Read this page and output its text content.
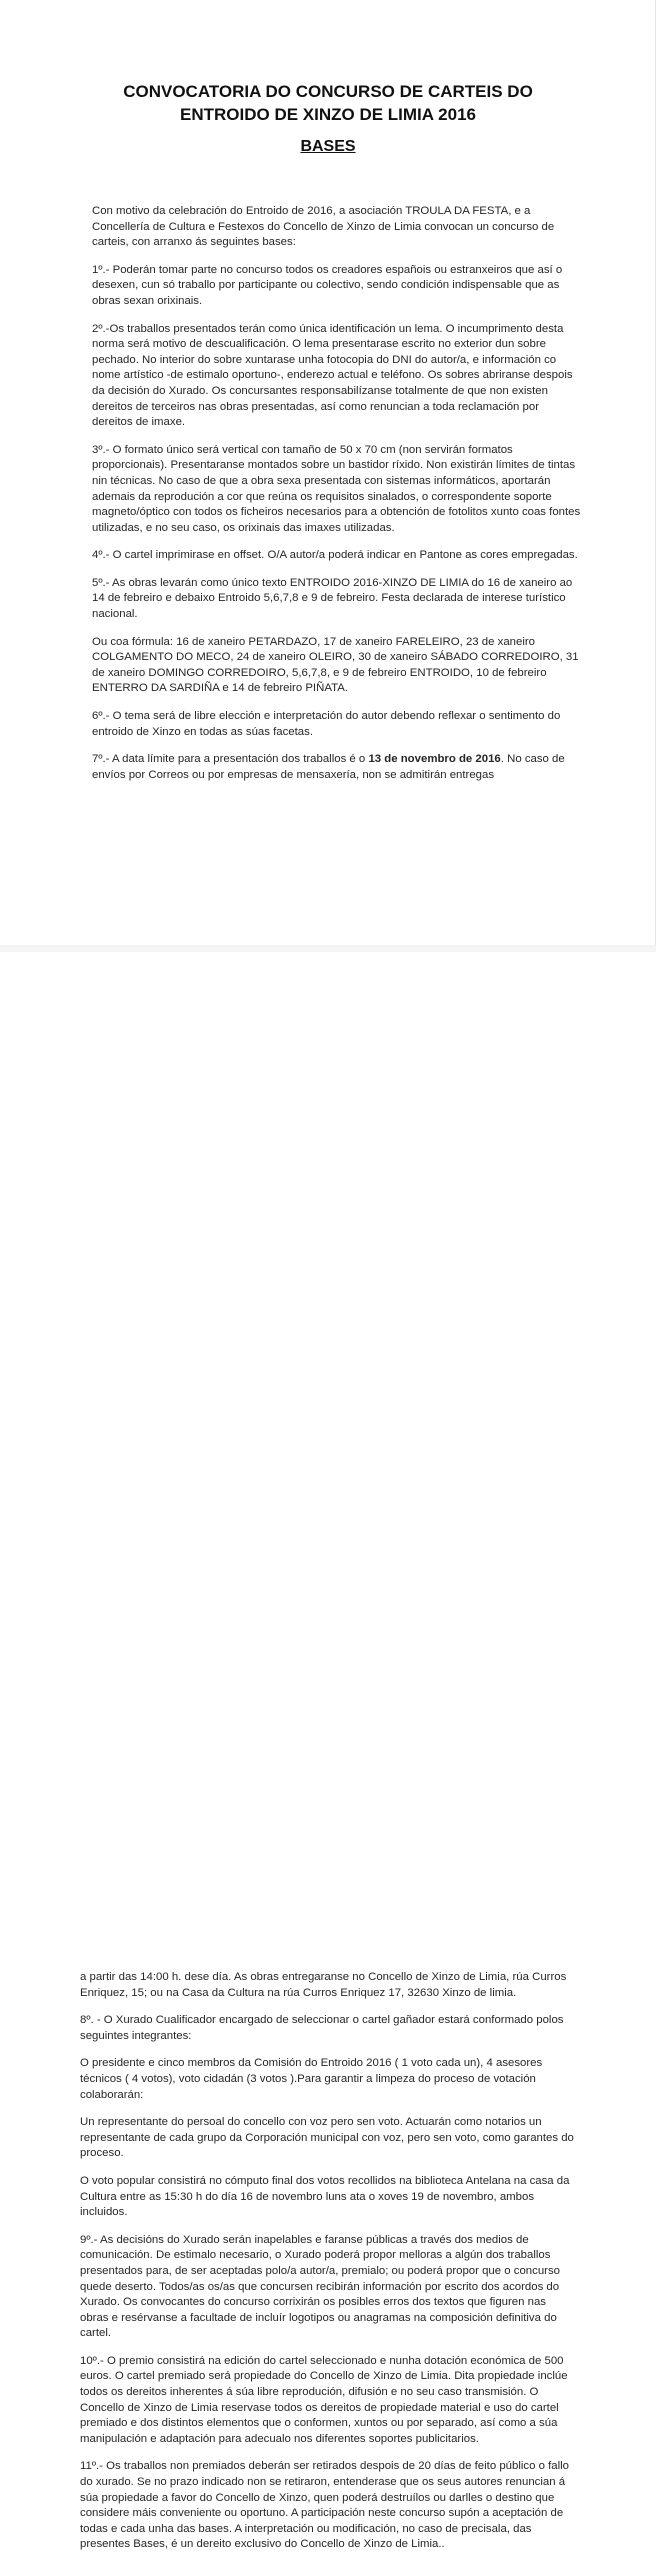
CONVOCATORIA DO CONCURSO DE CARTEIS DO
ENTROIDO DE XINZO DE LIMIA 2016
BASES

Con motivo da celebración do Entroido de 2016, a asociación TROULA DA FESTA, e a Concellería de Cultura e Festexos do Concello de Xinzo de Limia convocan un concurso de carteis, con arranxo ás seguintes bases:

1º.- Poderán tomar parte no concurso todos os creadores españois ou estranxeiros que así o desexen, cun só traballo por participante ou colectivo, sendo condición indispensable que as obras sexan orixinais.

2º.-Os traballos presentados terán como única identificación un lema. O incumprimento desta norma será motivo de descualificación. O lema presentarase escrito no exterior dun sobre pechado. No interior do sobre xuntarase unha fotocopia do DNI do autor/a, e información co nome artístico -de estimalo oportuno-, enderezo actual e teléfono. Os sobres abriranse despois da decisión do Xurado. Os concursantes responsabilízanse totalmente de que non existen dereitos de terceiros nas obras presentadas, así como renuncian a toda reclamación por dereitos de imaxe.

3º.- O formato único será vertical con tamaño de 50 x 70 cm (non servirán formatos proporcionais). Presentaranse montados sobre un bastidor ríxido. Non existirán límites de tintas nin técnicas. No caso de que a obra sexa presentada con sistemas informáticos, aportarán ademais da reprodución a cor que reúna os requisitos sinalados, o correspondente soporte magneto/óptico con todos os ficheiros necesarios para a obtención de fotolitos xunto coas fontes utilizadas, e no seu caso, os orixinais das imaxes utilizadas.

4º.- O cartel imprimirase en offset. O/A autor/a poderá indicar en Pantone as cores empregadas.

5º.- As obras levarán como único texto ENTROIDO 2016-XINZO DE LIMIA do 16 de xaneiro ao 14 de febreiro e debaixo Entroido 5,6,7,8 e 9 de febreiro. Festa declarada de interese turístico nacional.

Ou coa fórmula: 16 de xaneiro PETARDAZO, 17 de xaneiro FARELEIRO, 23 de xaneiro COLGAMENTO DO MECO, 24 de xaneiro OLEIRO, 30 de xaneiro SÁBADO CORREDOIRO, 31 de xaneiro DOMINGO CORREDOIRO, 5,6,7,8, e 9 de febreiro ENTROIDO, 10 de febreiro ENTERRO DA SARDIÑA e 14 de febreiro PIÑATA.

6º.- O tema será de libre elección e interpretación do autor debendo reflexar o sentimento do entroido de Xinzo en todas as súas facetas.

7º.- A data límite para a presentación dos traballos é o 13 de novembro de 2016. No caso de envíos por Correos ou por empresas de mensaxería, non se admitirán entregas

a partir das 14:00 h. dese día. As obras entregaranse no Concello de Xinzo de Limia, rúa Curros Enriquez, 15; ou na Casa da Cultura na rúa Curros Enriquez 17, 32630 Xinzo de limia.

8º. - O Xurado Cualificador encargado de seleccionar o cartel gañador estará conformado polos seguintes integrantes:

O presidente e cinco membros da Comisión do Entroido 2016 ( 1 voto cada un), 4 asesores técnicos ( 4 votos), voto cidadán (3 votos ).Para garantir a limpeza do proceso de votación colaborarán:

Un representante do persoal do concello con voz pero sen voto. Actuarán como notarios un representante de cada grupo da Corporación municipal con voz, pero sen voto, como garantes do proceso.

O voto popular consistirá no cómputo final dos votos recollidos na biblioteca Antelana na casa da Cultura entre as 15:30 h do día 16 de novembro luns ata o xoves 19 de novembro, ambos incluidos.

9º.- As decisións do Xurado serán inapelables e faranse públicas a través dos medios de comunicación. De estimalo necesario, o Xurado poderá propor melloras a algún dos traballos presentados para, de ser aceptadas polo/a autor/a, premialo; ou poderá propor que o concurso quede deserto. Todos/as os/as que concursen recibirán información por escrito dos acordos do Xurado. Os convocantes do concurso corrixirán os posibles erros dos textos que figuren nas obras e resérvanse a facultade de incluír logotipos ou anagramas na composición definitiva do cartel.

10º.- O premio consistirá na edición do cartel seleccionado e nunha dotación económica de 500 euros. O cartel premiado será propiedade do Concello de Xinzo de Limia. Dita propiedade inclúe todos os dereitos inherentes á súa libre reprodución, difusión e no seu caso transmisión. O Concello de Xinzo de Limia reservase todos os dereitos de propiedade material e uso do cartel premiado e dos distintos elementos que o conformen, xuntos ou por separado, así como a súa manipulación e adaptación para adecualo nos diferentes soportes publicitarios.

11º.- Os traballos non premiados deberán ser retirados despois de 20 días de feito público o fallo do xurado. Se no prazo indicado non se retiraron, entenderase que os seus autores renuncian á súa propiedade a favor do Concello de Xinzo, quen poderá destruílos ou darlles o destino que considere máis conveniente ou oportuno. A participación neste concurso supón a aceptación de todas e cada unha das bases. A interpretación ou modificación, no caso de precisala, das presentes Bases, é un dereito exclusivo do Concello de Xinzo de Limia..
